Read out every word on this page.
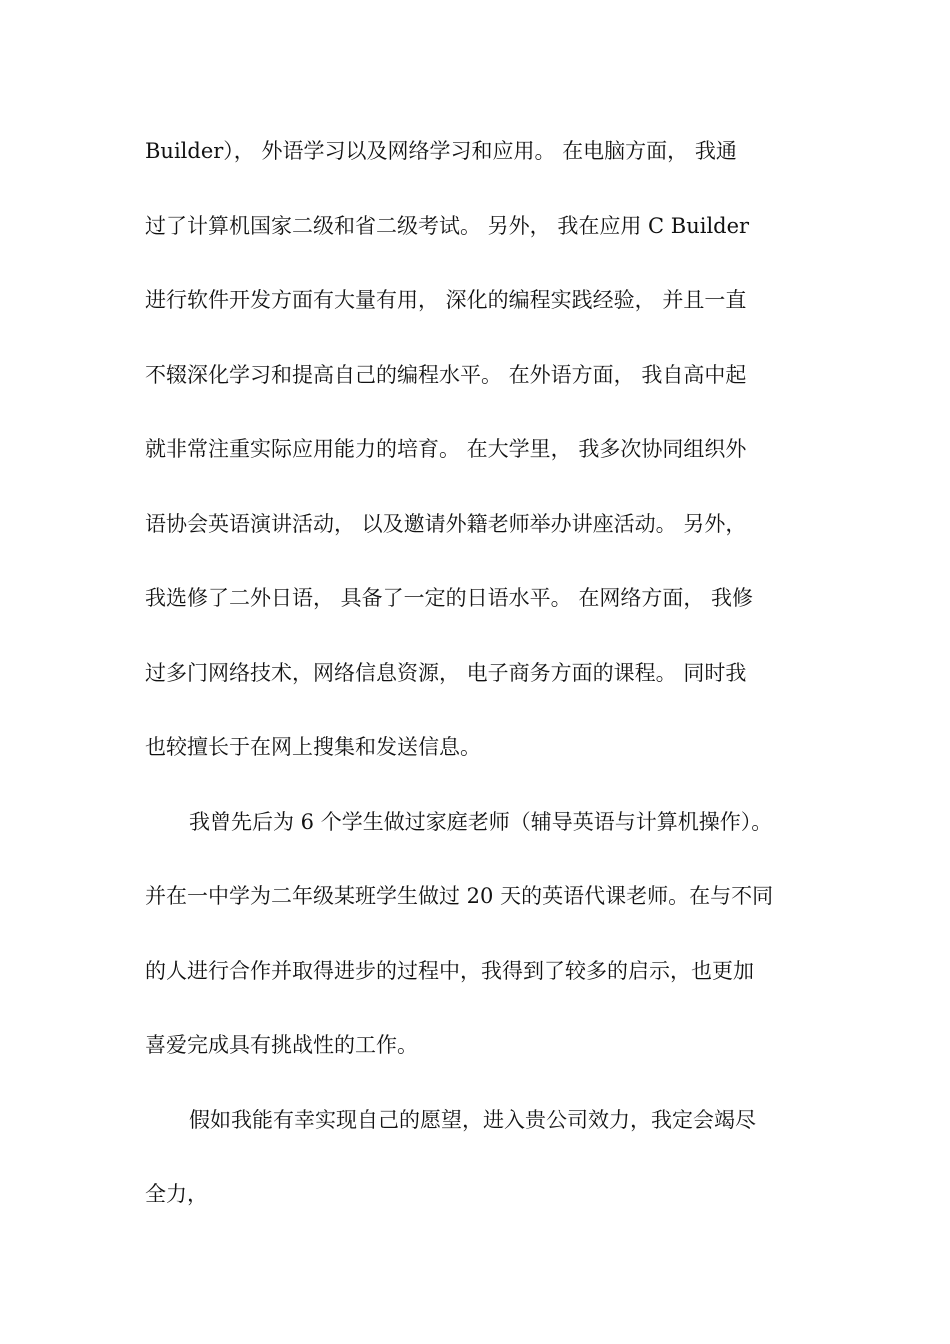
Builder）， 外语学习以及网络学习和应用。 在电脑方面， 我通
过了计算机国家二级和省二级考试。 另外， 我在应用 C Builder
进行软件开发方面有大量有用， 深化的编程实践经验， 并且一直
不辍深化学习和提高自己的编程水平。 在外语方面， 我自高中起
就非常注重实际应用能力的培育。 在大学里， 我多次协同组织外
语协会英语演讲活动， 以及邀请外籍老师举办讲座活动。 另外，
我选修了二外日语， 具备了一定的日语水平。 在网络方面， 我修
过多门网络技术，网络信息资源， 电子商务方面的课程。 同时我
也较擅长于在网上搜集和发送信息。
我曾先后为 6 个学生做过家庭老师（辅导英语与计算机操作）。
并在一中学为二年级某班学生做过 20 天的英语代课老师。在与不同
的人进行合作并取得进步的过程中，我得到了较多的启示，也更加
喜爱完成具有挑战性的工作。
假如我能有幸实现自己的愿望，进入贵公司效力，我定会竭尽
全力，
